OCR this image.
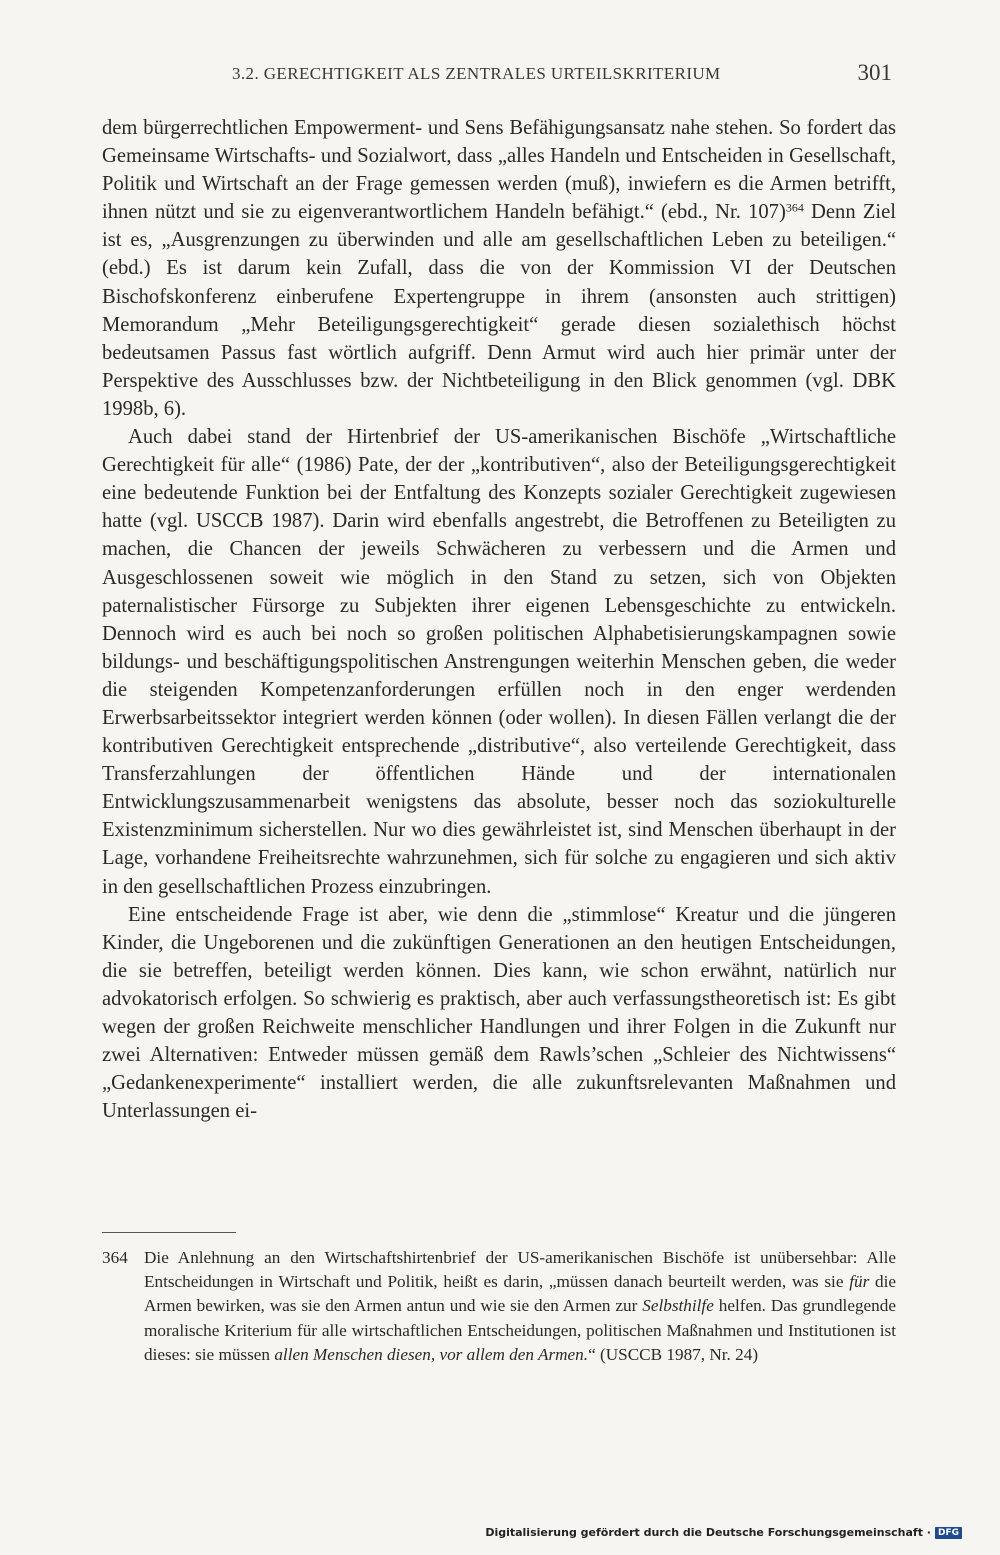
3.2. GERECHTIGKEIT ALS ZENTRALES URTEILSKRITERIUM	301

dem bürgerrechtlichen Empowerment- und Sens Befähigungsansatz nahe stehen. So fordert das Gemeinsame Wirtschafts- und Sozialwort, dass „alles Handeln und Entscheiden in Gesellschaft, Politik und Wirtschaft an der Frage gemessen werden (muß), inwiefern es die Armen betrifft, ihnen nützt und sie zu eigenverantwortlichem Handeln befähigt.“ (ebd., Nr. 107)$^{364}$ Denn Ziel ist es, „Ausgrenzungen zu überwinden und alle am gesellschaftlichen Leben zu beteiligen.“ (ebd.) Es ist darum kein Zufall, dass die von der Kommission VI der Deutschen Bischofskonferenz einberufene Expertengruppe in ihrem (ansonsten auch strittigen) Memorandum „Mehr Beteiligungsgerechtigkeit“ gerade diesen sozialethisch höchst bedeutsamen Passus fast wörtlich aufgriff. Denn Armut wird auch hier primär unter der Perspektive des Ausschlusses bzw. der Nichtbeteiligung in den Blick genommen (vgl. DBK 1998b, 6).

Auch dabei stand der Hirtenbrief der US-amerikanischen Bischöfe „Wirtschaftliche Gerechtigkeit für alle“ (1986) Pate, der der „kontributiven“, also der Beteiligungsgerechtigkeit eine bedeutende Funktion bei der Entfaltung des Konzepts sozialer Gerechtigkeit zugewiesen hatte (vgl. USCCB 1987). Darin wird ebenfalls angestrebt, die Betroffenen zu Beteiligten zu machen, die Chancen der jeweils Schwächeren zu verbessern und die Armen und Ausgeschlossenen soweit wie möglich in den Stand zu setzen, sich von Objekten paternalistischer Fürsorge zu Subjekten ihrer eigenen Lebensgeschichte zu entwickeln. Dennoch wird es auch bei noch so großen politischen Alphabetisierungskampagnen sowie bildungs- und beschäftigungspolitischen Anstrengungen weiterhin Menschen geben, die weder die steigenden Kompetenzanforderungen erfüllen noch in den enger werdenden Erwerbsarbeitssektor integriert werden können (oder wollen). In diesen Fällen verlangt die der kontributiven Gerechtigkeit entsprechende „distributive“, also verteilende Gerechtigkeit, dass Transferzahlungen der öffentlichen Hände und der internationalen Entwicklungszusammenarbeit wenigstens das absolute, besser noch das soziokulturelle Existenzminimum sicherstellen. Nur wo dies gewährleistet ist, sind Menschen überhaupt in der Lage, vorhandene Freiheitsrechte wahrzunehmen, sich für solche zu engagieren und sich aktiv in den gesellschaftlichen Prozess einzubringen.

Eine entscheidende Frage ist aber, wie denn die „stimmlose“ Kreatur und die jüngeren Kinder, die Ungeborenen und die zukünftigen Generationen an den heutigen Entscheidungen, die sie betreffen, beteiligt werden können. Dies kann, wie schon erwähnt, natürlich nur advokatorisch erfolgen. So schwierig es praktisch, aber auch verfassungstheoretisch ist: Es gibt wegen der großen Reichweite menschlicher Handlungen und ihrer Folgen in die Zukunft nur zwei Alternativen: Entweder müssen gemäß dem Rawls’schen „Schleier des Nichtwissens“ „Gedankenexperimente“ installiert werden, die alle zukunftsrelevanten Maßnahmen und Unterlassungen ei-

364 Die Anlehnung an den Wirtschaftshirtenbrief der US-amerikanischen Bischöfe ist unübersehbar: Alle Entscheidungen in Wirtschaft und Politik, heißt es darin, „müssen danach beurteilt werden, was sie für die Armen bewirken, was sie den Armen antun und wie sie den Armen zur Selbsthilfe helfen. Das grundlegende moralische Kriterium für alle wirtschaftlichen Entscheidungen, politischen Maßnahmen und Institutionen ist dieses: sie müssen allen Menschen diesen, vor allem den Armen.“ (USCCB 1987, Nr. 24)
Digitalisierung gefördert durch die Deutsche Forschungsgemeinschaft · DFG
